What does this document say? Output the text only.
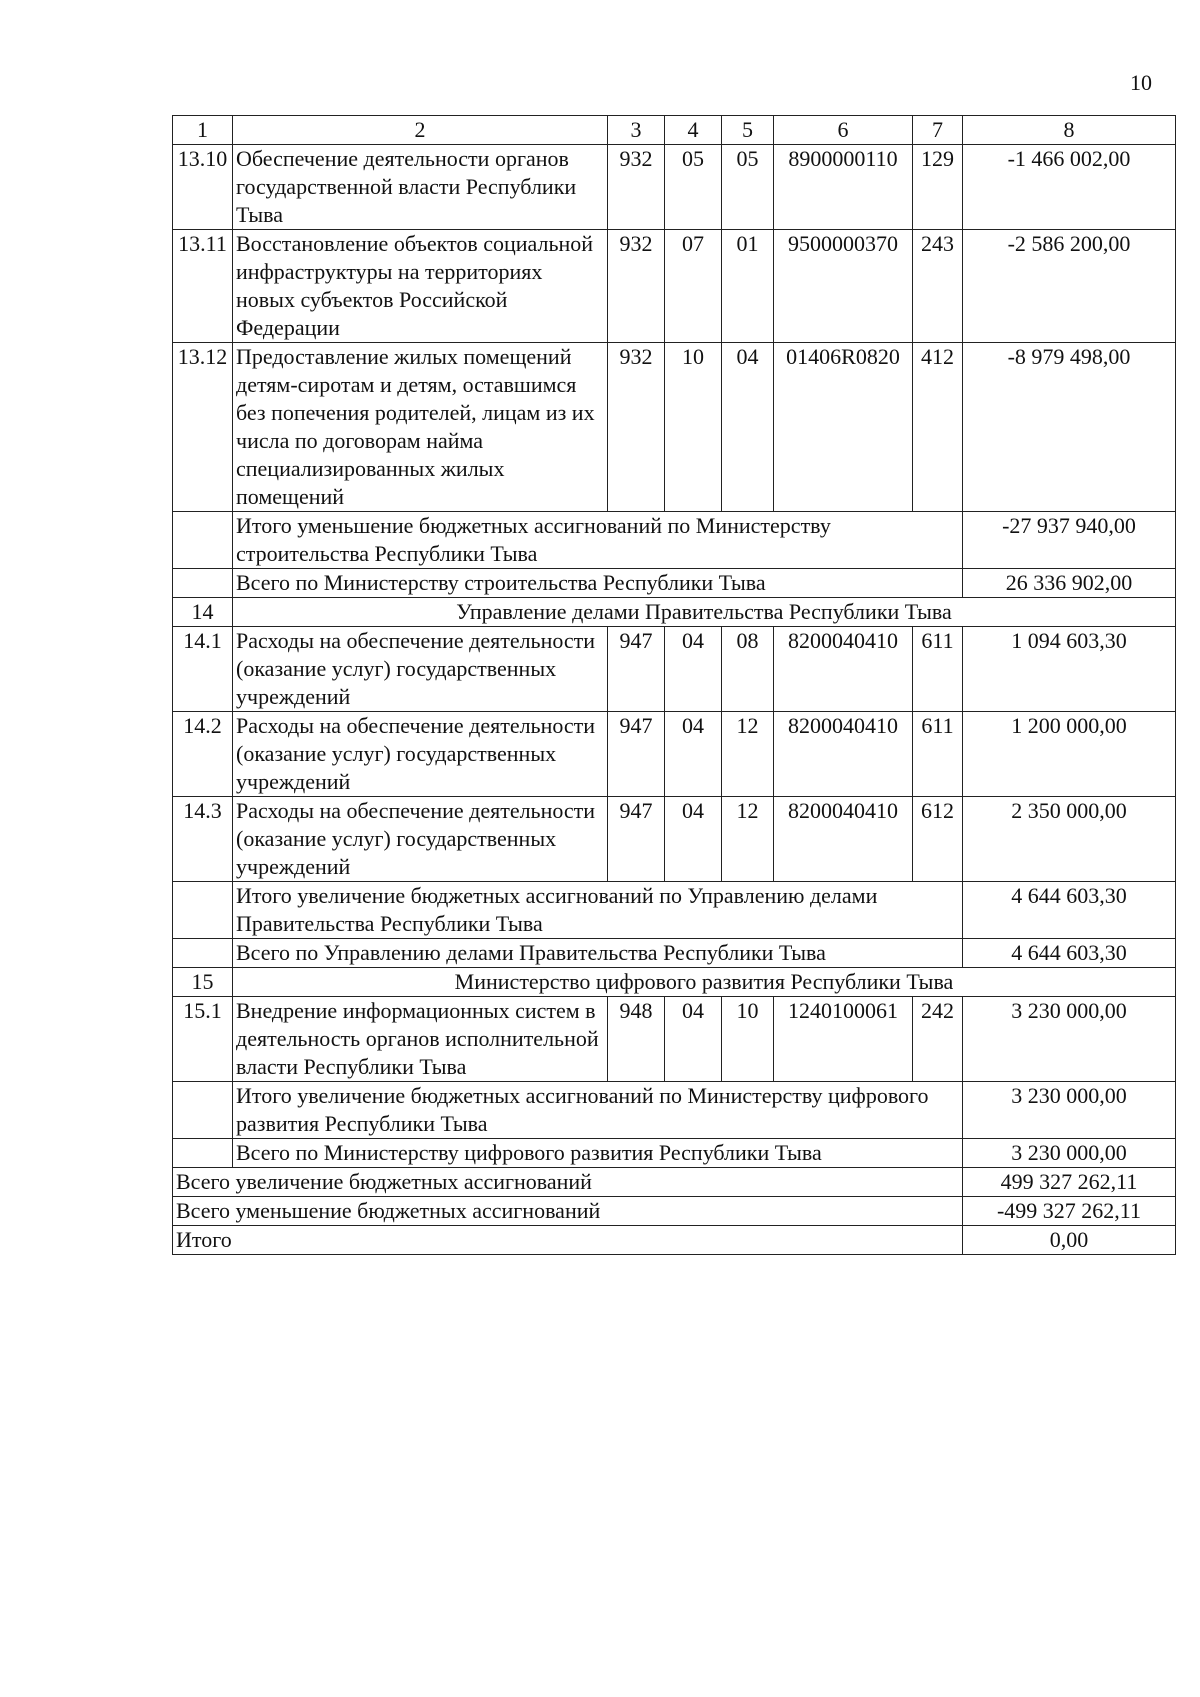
10
1	2	3	4	5	6	7	8
13.10	Обеспечение деятельности органов государственной власти Республики Тыва	932	05	05	8900000110	129	-1 466 002,00
13.11	Восстановление объектов социальной инфраструктуры на территориях новых субъектов Российской Федерации	932	07	01	9500000370	243	-2 586 200,00
13.12	Предоставление жилых помещений детям-сиротам и детям, оставшимся без попечения родителей, лицам из их числа по договорам найма специализированных жилых помещений	932	10	04	01406R0820	412	-8 979 498,00
	Итого уменьшение бюджетных ассигнований по Министерству строительства Республики Тыва						-27 937 940,00
	Всего по Министерству строительства Республики Тыва						26 336 902,00
14	Управление делами Правительства Республики Тыва						
14.1	Расходы на обеспечение деятельности (оказание услуг) государственных учреждений	947	04	08	8200040410	611	1 094 603,30
14.2	Расходы на обеспечение деятельности (оказание услуг) государственных учреждений	947	04	12	8200040410	611	1 200 000,00
14.3	Расходы на обеспечение деятельности (оказание услуг) государственных учреждений	947	04	12	8200040410	612	2 350 000,00
	Итого увеличение бюджетных ассигнований по Управлению делами Правительства Республики Тыва						4 644 603,30
	Всего по Управлению делами Правительства Республики Тыва						4 644 603,30
15	Министерство цифрового развития Республики Тыва						
15.1	Внедрение информационных систем в деятельность органов исполнительной власти Республики Тыва	948	04	10	1240100061	242	3 230 000,00
	Итого увеличение бюджетных ассигнований по Министерству цифрового развития Республики Тыва						3 230 000,00
	Всего по Министерству цифрового развития Республики Тыва						3 230 000,00
Всего увеличение бюджетных ассигнований							499 327 262,11
Всего уменьшение бюджетных ассигнований							-499 327 262,11
Итого							0,00
